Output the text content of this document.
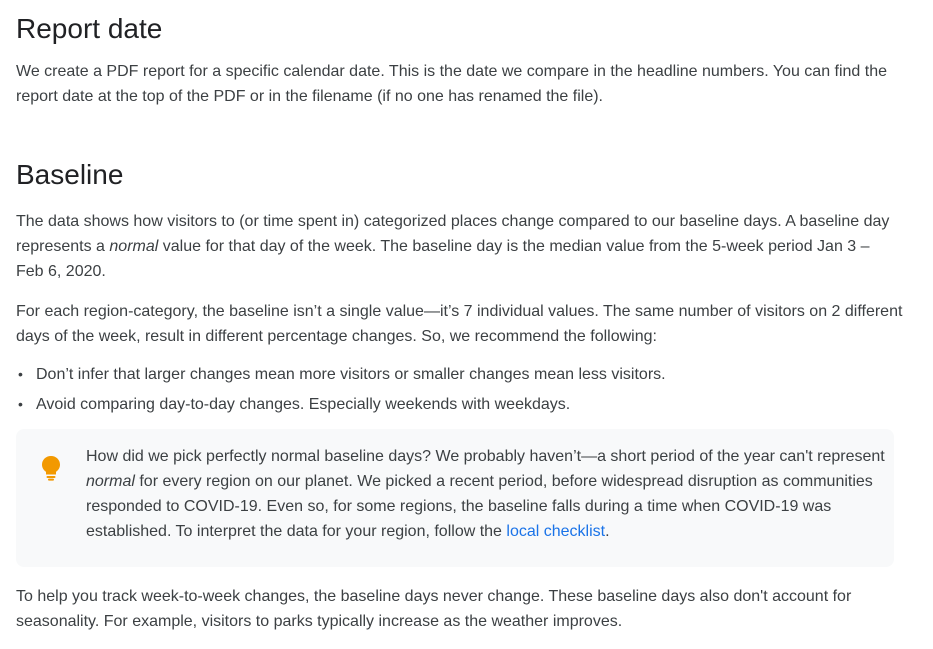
Report date

We create a PDF report for a specific calendar date. This is the date we compare in the headline numbers. You can find the report date at the top of the PDF or in the filename (if no one has renamed the file).

Baseline

The data shows how visitors to (or time spent in) categorized places change compared to our baseline days. A baseline day represents a normal value for that day of the week. The baseline day is the median value from the 5-week period Jan 3 – Feb 6, 2020.

For each region-category, the baseline isn’t a single value—it’s 7 individual values. The same number of visitors on 2 different days of the week, result in different percentage changes. So, we recommend the following:

• Don’t infer that larger changes mean more visitors or smaller changes mean less visitors.
• Avoid comparing day-to-day changes. Especially weekends with weekdays.

How did we pick perfectly normal baseline days? We probably haven’t—a short period of the year can't represent normal for every region on our planet. We picked a recent period, before widespread disruption as communities responded to COVID-19. Even so, for some regions, the baseline falls during a time when COVID-19 was established. To interpret the data for your region, follow the local checklist.

To help you track week-to-week changes, the baseline days never change. These baseline days also don't account for seasonality. For example, visitors to parks typically increase as the weather improves.
